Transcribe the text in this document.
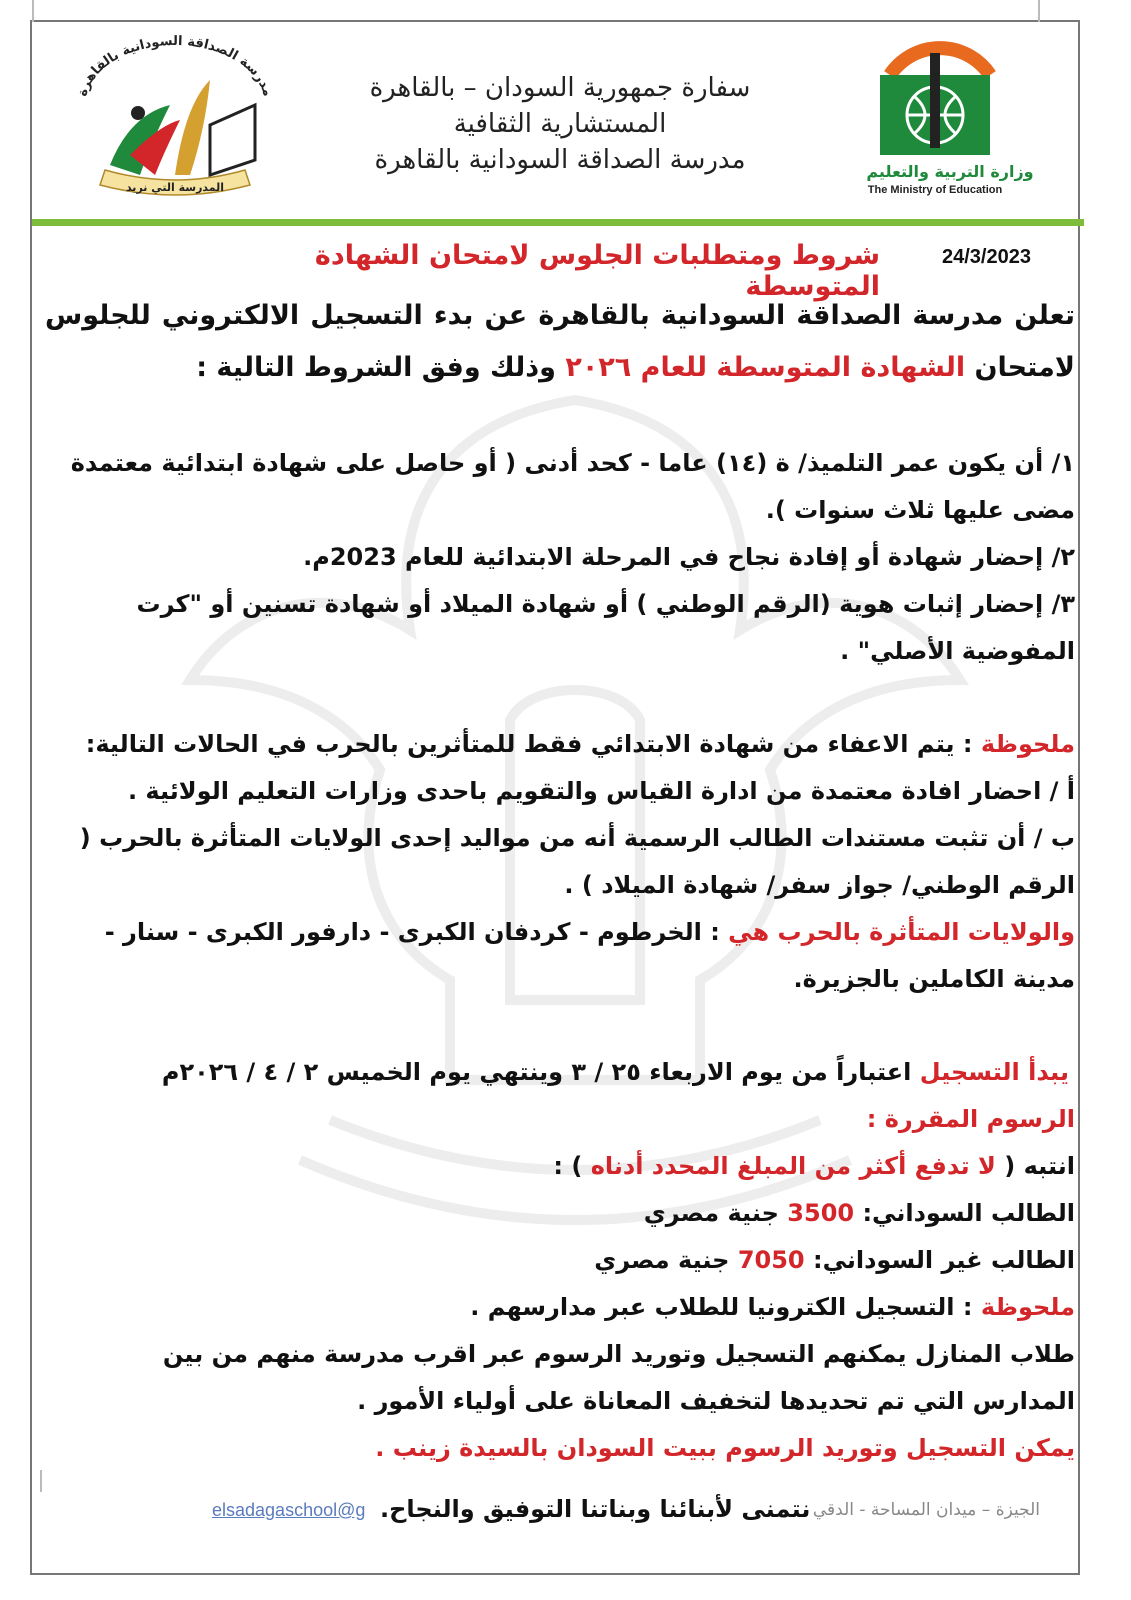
وزارة التربية والتعليم
The Ministry of Education
مدرسة الصداقة السودانية بالقاهرة
المدرسة التي نريد
سفارة جمهورية السودان – بالقاهرة
المستشارية الثقافية
مدرسة الصداقة السودانية بالقاهرة
24/3/2023
شروط ومتطلبات الجلوس لامتحان الشهادة المتوسطة
تعلن مدرسة الصداقة السودانية بالقاهرة عن بدء التسجيل الالكتروني للجلوس لامتحان الشهادة المتوسطة للعام ٢٠٢٦ وذلك وفق الشروط التالية :

١/ أن يكون عمر التلميذ/ ة (١٤) عاما - كحد أدنى ( أو حاصل على شهادة ابتدائية معتمدة مضى عليها ثلاث سنوات ).

٢/ إحضار شهادة أو إفادة نجاح في المرحلة الابتدائية للعام 2023م.

٣/ إحضار إثبات هوية (الرقم الوطني ) أو شهادة الميلاد أو شهادة تسنين أو "كرت المفوضية الأصلي" .

ملحوظة : يتم الاعفاء من شهادة الابتدائي فقط للمتأثرين بالحرب في الحالات التالية:

أ / احضار افادة معتمدة من ادارة القياس والتقويم باحدى وزارات التعليم الولائية .

ب / أن تثبت مستندات الطالب الرسمية أنه من مواليد إحدى الولايات المتأثرة بالحرب ( الرقم الوطني/ جواز سفر/ شهادة الميلاد ) .

والولايات المتأثرة بالحرب هي : الخرطوم - كردفان الكبرى - دارفور الكبرى - سنار - مدينة الكاملين بالجزيرة.

يبدأ التسجيل اعتباراً من يوم الاربعاء ٢٥ / ٣ وينتهي يوم الخميس ٢ / ٤ / ٢٠٢٦م

الرسوم المقررة :

انتبه ( لا تدفع أكثر من المبلغ المحدد أدناه ) :

الطالب السوداني: 3500 جنية مصري

الطالب غير السوداني: 7050 جنية مصري

ملحوظة : التسجيل الكترونيا للطلاب عبر مدارسهم .

طلاب المنازل يمكنهم التسجيل وتوريد الرسوم عبر اقرب مدرسة منهم من بين المدارس التي تم تحديدها لتخفيف المعاناة على أولياء الأمور .

يمكن التسجيل وتوريد الرسوم ببيت السودان بالسيدة زينب .

الجيزة – ميدان المساحة - الدقي
elsadagaschool@g نتمنى لأبنائنا وبناتنا التوفيق والنجاح.
